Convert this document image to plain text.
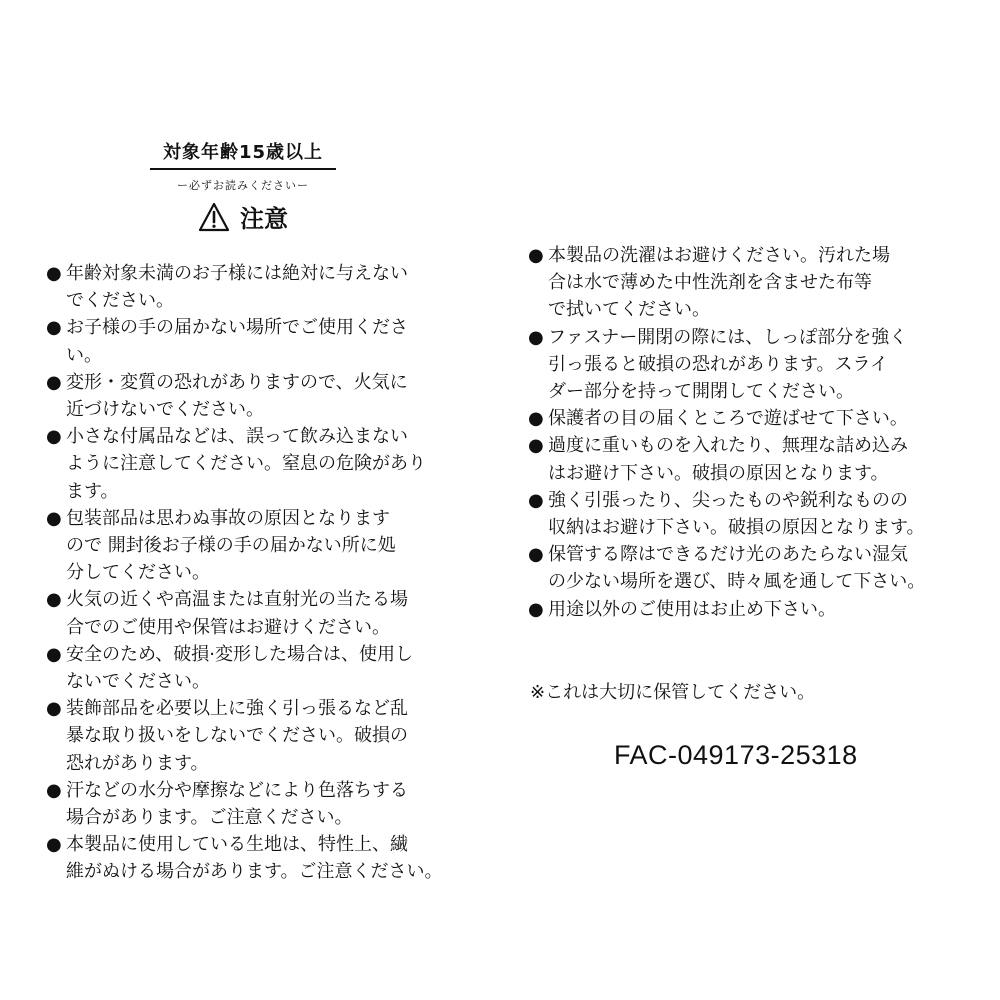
対象年齢15歳以上
ー必ずお読みくださいー
注意
● 年齢対象未満のお子様には絶対に与えない
でください。
● お子様の手の届かない場所でご使用くださ
い。
● 変形・変質の恐れがありますので、火気に
近づけないでください。
● 小さな付属品などは、誤って飲み込まない
ように注意してください。窒息の危険があり
ます。
● 包装部品は思わぬ事故の原因となります
ので 開封後お子様の手の届かない所に処
分してください。
● 火気の近くや高温または直射光の当たる場
合でのご使用や保管はお避けください。
● 安全のため、破損·変形した場合は、使用し
ないでください。
● 装飾部品を必要以上に強く引っ張るなど乱
暴な取り扱いをしないでください。破損の
恐れがあります。
● 汗などの水分や摩擦などにより色落ちする
場合があります。ご注意ください。
● 本製品に使用している生地は、特性上、繊
維がぬける場合があります。ご注意ください。
● 本製品の洗濯はお避けください。汚れた場
合は水で薄めた中性洗剤を含ませた布等
で拭いてください。
● ファスナー開閉の際には、しっぽ部分を強く
引っ張ると破損の恐れがあります。スライ
ダー部分を持って開閉してください。
● 保護者の目の届くところで遊ばせて下さい。
● 過度に重いものを入れたり、無理な詰め込み
はお避け下さい。破損の原因となります。
● 強く引張ったり、尖ったものや鋭利なものの
収納はお避け下さい。破損の原因となります。
● 保管する際はできるだけ光のあたらない湿気
の少ない場所を選び、時々風を通して下さい。
● 用途以外のご使用はお止め下さい。
※これは大切に保管してください。
FAC-049173-25318
